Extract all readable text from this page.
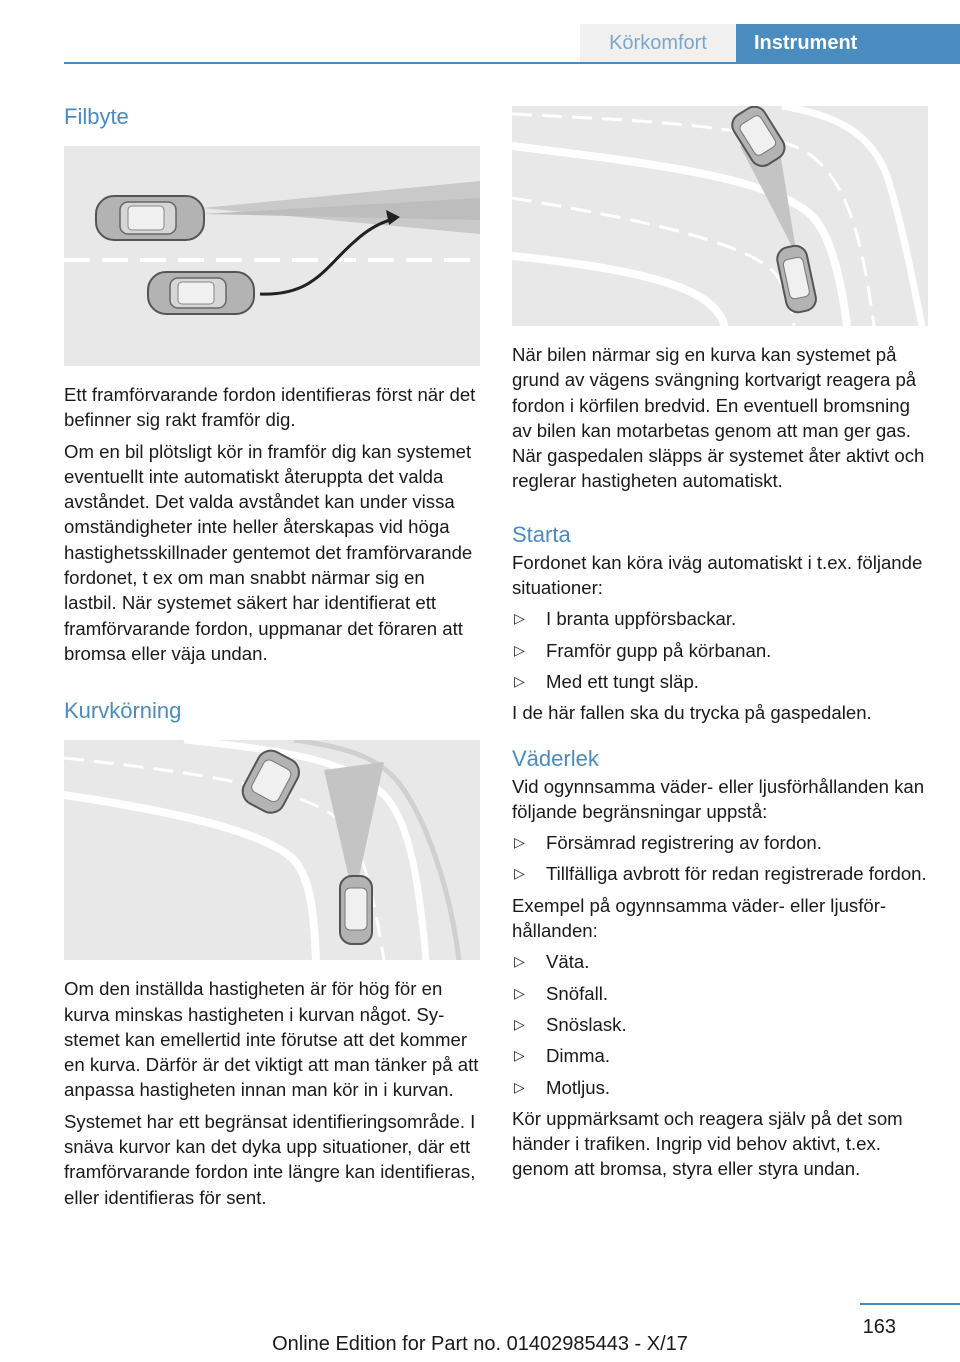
Körkomfort	Instrument
Filbyte

Ett framförvarande fordon identifieras först när det befinner sig rakt framför dig.

Om en bil plötsligt kör in framför dig kan systemet eventuellt inte automatiskt återuppta det valda avståndet. Det valda avståndet kan under vissa omständigheter inte heller återskapas vid höga hastighetsskillnader gentemot det framförvarande fordonet, t ex om man snabbt närmar sig en lastbil. När systemet säkert har identifierat ett framförvarande fordon, uppmanar det föraren att bromsa eller väja undan.

Kurvkörning

Om den inställda hastigheten är för hög för en kurva minskas hastigheten i kurvan något. Systemet kan emellertid inte förutse att det kommer en kurva. Därför är det viktigt att man tänker på att anpassa hastigheten innan man kör in i kurvan.

Systemet har ett begränsat identifieringsområde. I snäva kurvor kan det dyka upp situationer, där ett framförvarande fordon inte längre kan identifieras, eller identifieras för sent.

När bilen närmar sig en kurva kan systemet på grund av vägens svängning kortvarigt reagera på fordon i körfilen bredvid. En eventuell bromsning av bilen kan motarbetas genom att man ger gas. När gaspedalen släpps är systemet åter aktivt och reglerar hastigheten automatiskt.

Starta

Fordonet kan köra iväg automatiskt i t.ex. följande situationer:

▷ I branta uppförsbackar.
▷ Framför gupp på körbanan.
▷ Med ett tungt släp.

I de här fallen ska du trycka på gaspedalen.

Väderlek

Vid ogynnsamma väder- eller ljusförhållanden kan följande begränsningar uppstå:

▷ Försämrad registrering av fordon.
▷ Tillfälliga avbrott för redan registrerade fordon.

Exempel på ogynnsamma väder- eller ljusförhållanden:

▷ Väta.
▷ Snöfall.
▷ Snöslask.
▷ Dimma.
▷ Motljus.

Kör uppmärksamt och reagera själv på det som händer i trafiken. Ingrip vid behov aktivt, t.ex. genom att bromsa, styra eller styra undan.

163
Online Edition for Part no. 01402985443 - X/17
